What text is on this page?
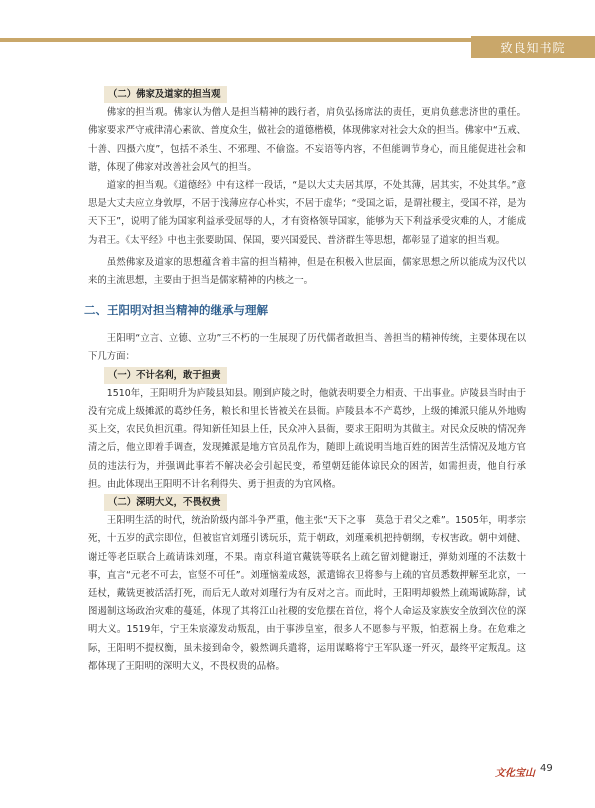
致良知书院
（二）佛家及道家的担当观

佛家的担当观。佛家认为僧人是担当精神的践行者，肩负弘扬席法的责任，更肩负慈悲济世的重任。佛家要求严守戒律清心素欲、普度众生，做社会的道德楷模，体现佛家对社会大众的担当。佛家中“五戒、十善、四摄六度”，包括不杀生、不邪理、不偷盗。不妄语等内容，不但能调节身心，而且能促进社会和谐，体现了佛家对改善社会风气的担当。

道家的担当观。《道德经》中有这样一段话，“是以大丈夫居其厚，不处其薄，居其实，不处其华。”意思是大丈夫应立身敦厚，不居于浅薄应存心朴实，不居于虚华；“受国之诟，是谓社稷主，受国不祥，是为天下王”，说明了能为国家利益承受屈辱的人，才有资格领导国家，能够为天下利益承受灾难的人，才能成为君王。《太平经》中也主张要助国、保国，要兴国爱民、普济群生等思想，都彰显了道家的担当观。

虽然佛家及道家的思想蕴含着丰富的担当精神，但是在积极入世层面，儒家思想之所以能成为汉代以来的主流思想，主要由于担当是儒家精神的内核之一。

二、王阳明对担当精神的继承与理解

王阳明“立言、立德、立功”三不朽的一生展现了历代儒者敢担当、善担当的精神传统，主要体现在以下几方面：

（一）不计名利，敢于担责

1510年，王阳明升为庐陵县知县。刚到庐陵之时，他就表明要全力相责、干出事业。庐陵县当时由于没有完成上级摊派的葛纱任务，粮长和里长皆被关在县衙。庐陵县本不产葛纱，上级的摊派只能从外地购买上交，农民负担沉重。得知新任知县上任，民众冲入县衙，要求王阳明为其做主。对民众反映的情况奔清之后，他立即着手调查，发现摊派是地方官员乱作为，随即上疏说明当地百姓的困苦生活情况及地方官员的违法行为，并强调此事若不解决必会引起民变，希望朝廷能体谅民众的困苦，如需担责，他自行承担。由此体现出王阳明不计名利得失、勇于担责的为官风格。

（二）深明大义，不畏权贵

王阳明生活的时代，统治阶级内部斗争严重，他主张“天下之事　莫急于君父之难”。1505年，明孝宗死，十五岁的武宗即位，但被宦官刘瑾引诱玩乐，荒于朝政，刘瑾乘机把持朝纲，专权害政。朝中刘健、谢迁等老臣联合上疏请诛刘瑾，不果。南京科道官戴铣等联名上疏乞留刘健谢迁，弹劾刘瑾的不法数十事，直言“元老不可去，宦竖不可任”。刘瑾恼羞成怒，派遣锦衣卫将参与上疏的官员悉数押解至北京，一廷杖，戴铣更被活活打死，而后无人敢对刘瑾行为有反对之言。而此时，王阳明却毅然上疏竭诚陈辞，试图遏制这场政治灾难的蔓延，体现了其将江山社稷的安危摆在首位，将个人命运及家族安全放到次位的深明大义。1519年，宁王朱宸濠发动叛乱，由于事涉皇室，很多人不愿参与平叛，怕惹祸上身。在危难之际，王阳明不提权衡，虽未接到命令，毅然调兵遣将，运用谋略将宁王军队逐一歼灭，最终平定叛乱。这都体现了王阳明的深明大义，不畏权贵的品格。

文化宝山 49
